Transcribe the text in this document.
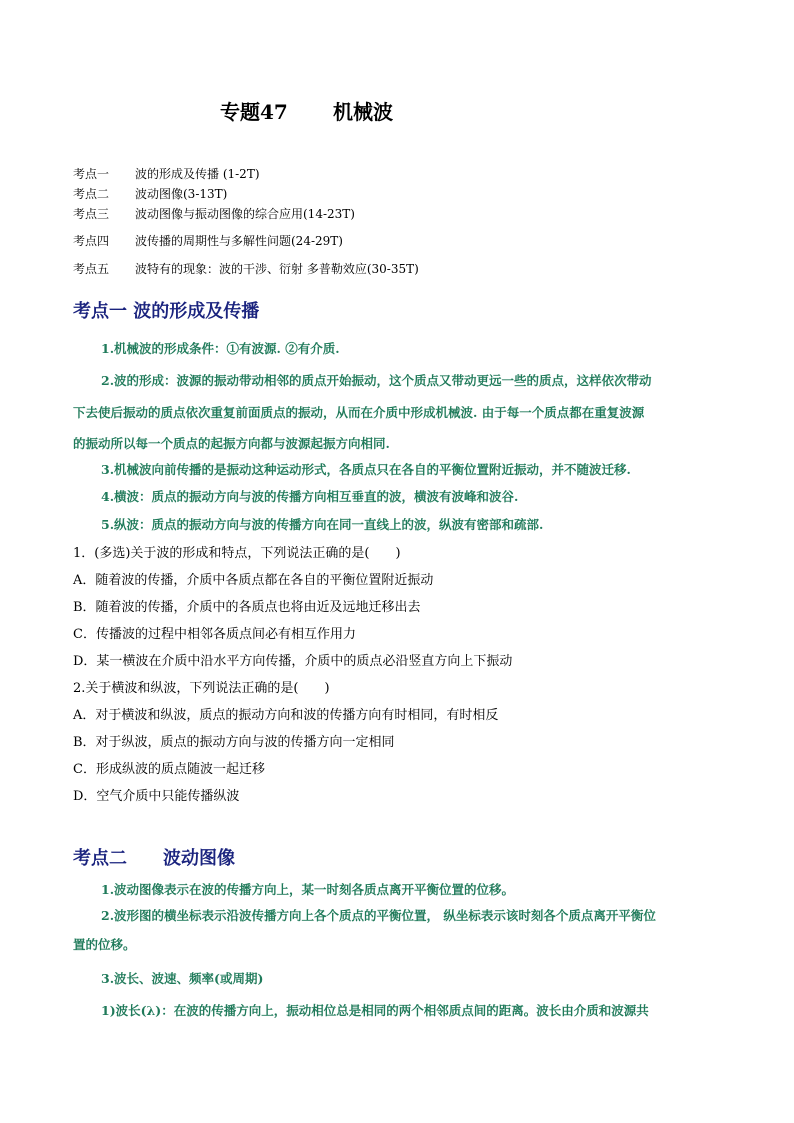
专题47 机械波
考点一 波的形成及传播 (1-2T)
考点二 波动图像(3-13T)
考点三 波动图像与振动图像的综合应用(14-23T)
考点四 波传播的周期性与多解性问题(24-29T)
考点五 波特有的现象：波的干涉、衍射 多普勒效应(30-35T)
考点一 波的形成及传播
1.机械波的形成条件：①有波源. ②有介质.
2.波的形成：波源的振动带动相邻的质点开始振动，这个质点又带动更远一些的质点，这样依次带动
下去使后振动的质点依次重复前面质点的振动，从而在介质中形成机械波. 由于每一个质点都在重复波源
的振动所以每一个质点的起振方向都与波源起振方向相同.
3.机械波向前传播的是振动这种运动形式，各质点只在各自的平衡位置附近振动，并不随波迁移.
4.横波：质点的振动方向与波的传播方向相互垂直的波，横波有波峰和波谷.
5.纵波：质点的振动方向与波的传播方向在同一直线上的波，纵波有密部和疏部.
1．(多选)关于波的形成和特点，下列说法正确的是(　　)
A．随着波的传播，介质中各质点都在各自的平衡位置附近振动
B．随着波的传播，介质中的各质点也将由近及远地迁移出去
C．传播波的过程中相邻各质点间必有相互作用力
D．某一横波在介质中沿水平方向传播，介质中的质点必沿竖直方向上下振动
2.关于横波和纵波，下列说法正确的是(　　)
A．对于横波和纵波，质点的振动方向和波的传播方向有时相同，有时相反
B．对于纵波，质点的振动方向与波的传播方向一定相同
C．形成纵波的质点随波一起迁移
D．空气介质中只能传播纵波
考点二　　波动图像
1.波动图像表示在波的传播方向上，某一时刻各质点离开平衡位置的位移。
2.波形图的横坐标表示沿波传播方向上各个质点的平衡位置， 纵坐标表示该时刻各个质点离开平衡位
置的位移。
3.波长、波速、频率(或周期)
1)波长(λ)：在波的传播方向上，振动相位总是相同的两个相邻质点间的距离。波长由介质和波源共
